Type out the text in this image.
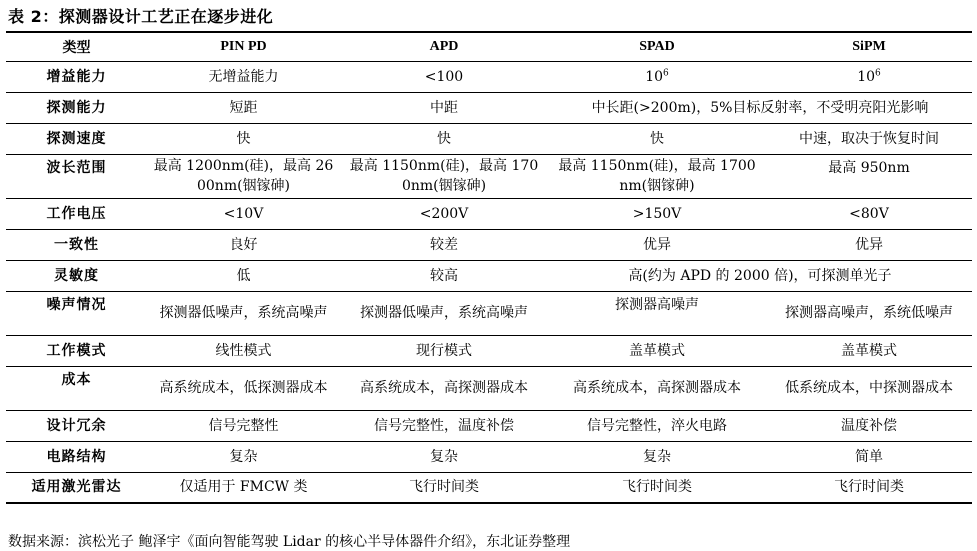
表 2：探测器设计工艺正在逐步进化
类型	PIN PD	APD	SPAD	SiPM
增益能力	无增益能力	<100	$10^6$	$10^6$
探测能力	短距	中距	中长距(>200m)，5%目标反射率，不受明亮阳光影响	
探测速度	快	快	快	中速，取决于恢复时间
波长范围	最高 1200nm(硅)，最高 2600nm(铟镓砷)	最高 1150nm(硅)，最高 1700nm(铟镓砷)	最高 1150nm(硅)，最高 1700nm(铟镓砷)	最高 950nm
工作电压	<10V	<200V	>150V	<80V
一致性	良好	较差	优异	优异
灵敏度	低	较高	高(约为 APD 的 2000 倍)，可探测单光子	
噪声情况	探测器低噪声，系统高噪声	探测器低噪声，系统高噪声	探测器高噪声	探测器高噪声，系统低噪声
工作模式	线性模式	现行模式	盖革模式	盖革模式
成本	高系统成本，低探测器成本	高系统成本，高探测器成本	高系统成本，高探测器成本	低系统成本，中探测器成本
设计冗余	信号完整性	信号完整性，温度补偿	信号完整性，淬火电路	温度补偿
电路结构	复杂	复杂	复杂	简单
适用激光雷达	仅适用于 FMCW 类	飞行时间类	飞行时间类	飞行时间类
数据来源：滨松光子 鲍泽宇《面向智能驾驶 Lidar 的核心半导体器件介绍》，东北证券整理
